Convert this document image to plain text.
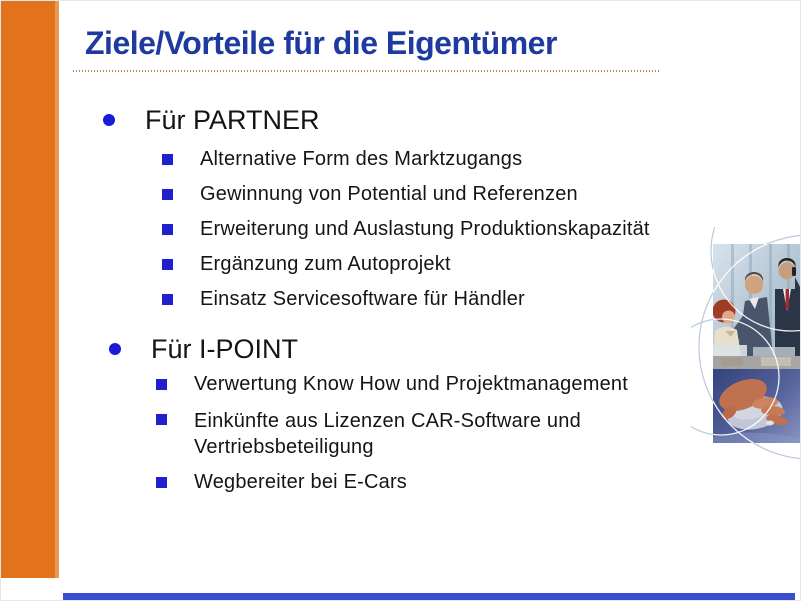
Ziele/Vorteile für die Eigentümer
Für PARTNER
Alternative Form des Marktzugangs
Gewinnung von Potential und Referenzen
Erweiterung und Auslastung Produktionskapazität
Ergänzung zum Autoprojekt
Einsatz Servicesoftware für Händler
Für I-POINT
Verwertung Know How und Projektmanagement
Einkünfte aus Lizenzen CAR-Software und Vertriebsbeteiligung
Wegbereiter bei E-Cars
